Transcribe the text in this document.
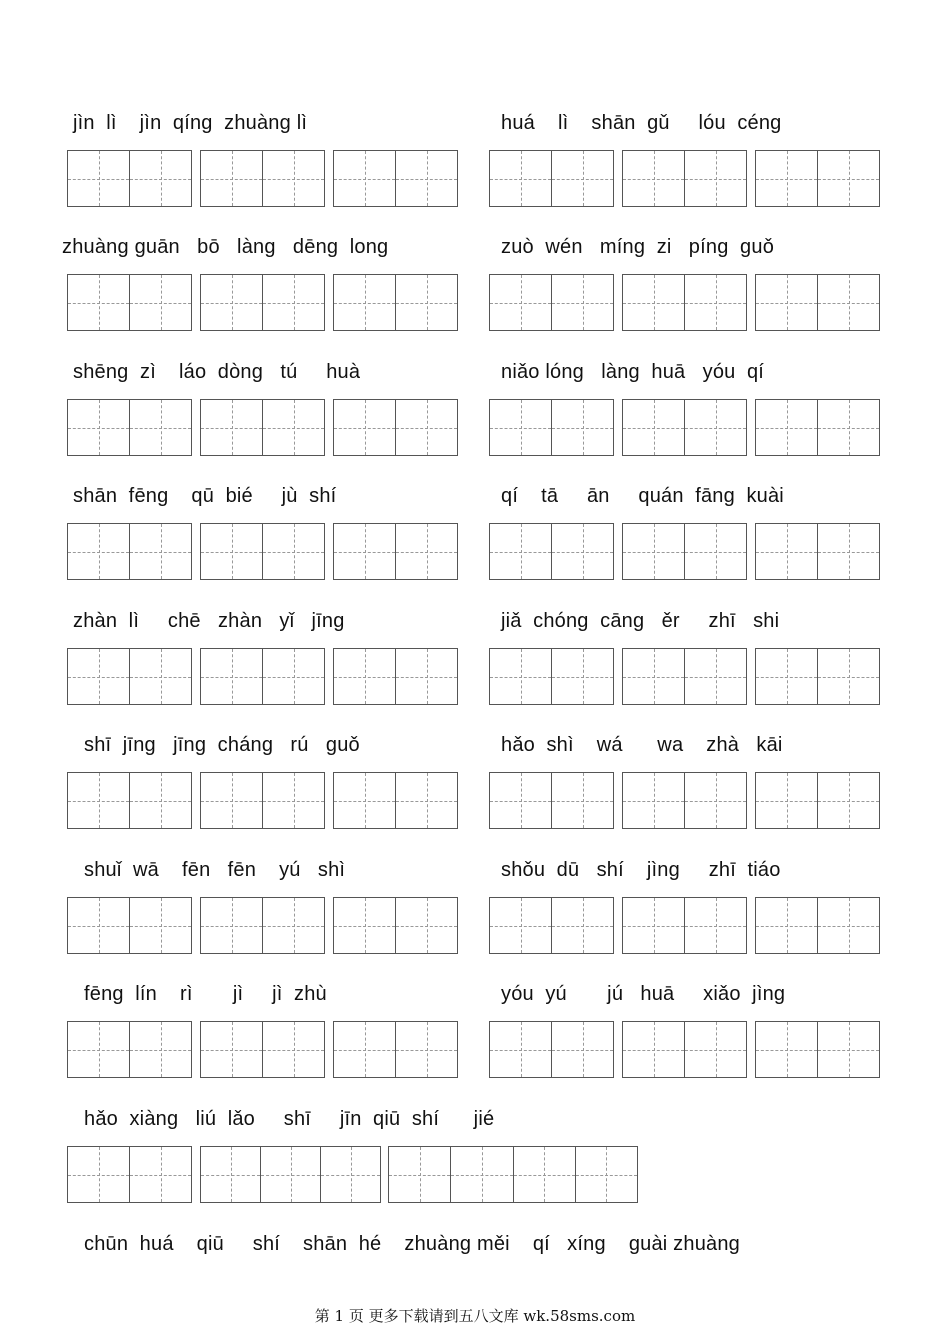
jìn  lì    jìn  qíng  zhuàng lì	huá    lì    shān  gǔ     lóu  céng
zhuàng guān   bō   làng   dēng  long	zuò  wén   míng  zi   píng  guǒ
shēng  zì    láo  dòng   tú     huà	niǎo lóng   làng  huā   yóu  qí
shān  fēng    qū  bié     jù  shí	qí    tā     ān     quán  fāng  kuài
zhàn  lì     chē   zhàn   yǐ   jīng	jiǎ  chóng  cāng   ěr     zhī   shi
shī  jīng   jīng  cháng   rú   guǒ	hǎo  shì    wá      wa    zhà   kāi
shuǐ  wā    fēn   fēn    yú   shì	shǒu  dū   shí    jìng     zhī  tiáo
fēng  lín    rì       jì     jì  zhù	yóu  yú       jú   huā     xiǎo  jìng
hǎo  xiàng   liú  lǎo     shī     jīn  qiū  shí      jié
chūn  huá    qiū     shí    shān  hé    zhuàng měi    qí   xíng    guài zhuàng
第 1 页 更多下载请到五八文库 wk.58sms.com
